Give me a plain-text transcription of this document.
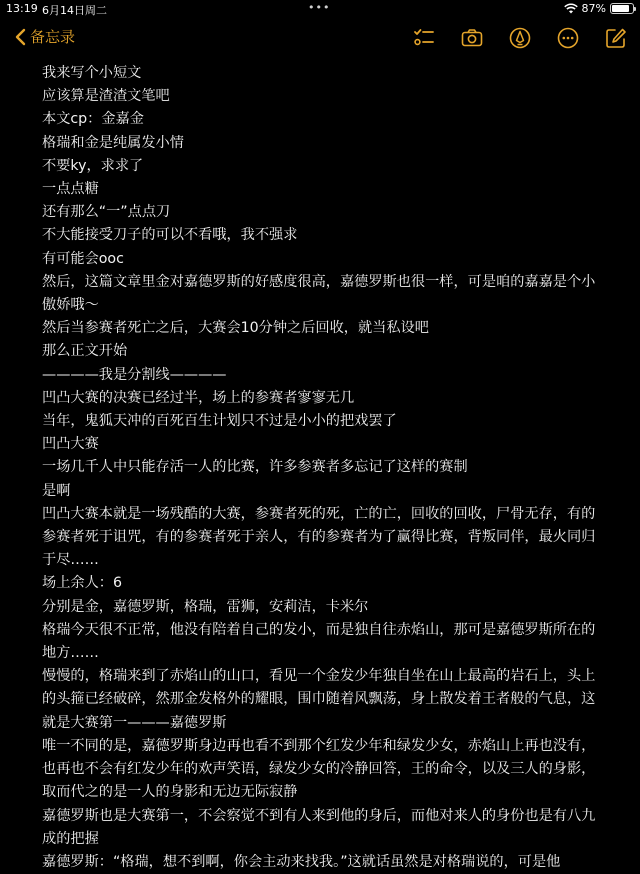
13:19 6月14日周二	•••	87%
备忘录
我来写个小短文
应该算是渣渣文笔吧
本文cp：金嘉金
格瑞和金是纯属发小情
不要ky，求求了
一点点糖
还有那么“一”点点刀
不大能接受刀子的可以不看哦，我不强求
有可能会ooc
然后，这篇文章里金对嘉德罗斯的好感度很高，嘉德罗斯也很一样，可是咱的嘉嘉是个小傲娇哦～
然后当参赛者死亡之后，大赛会10分钟之后回收，就当私设吧
那么正文开始
————我是分割线————
凹凸大赛的决赛已经过半，场上的参赛者寥寥无几
当年，鬼狐天冲的百死百生计划只不过是小小的把戏罢了
凹凸大赛
一场几千人中只能存活一人的比赛，许多参赛者多忘记了这样的赛制
是啊
凹凸大赛本就是一场残酷的大赛，参赛者死的死，亡的亡，回收的回收，尸骨无存，有的参赛者死于诅咒，有的参赛者死于亲人，有的参赛者为了赢得比赛，背叛同伴，最火同归于尽……
场上余人：6
分别是金，嘉德罗斯，格瑞，雷狮，安莉洁，卡米尔
格瑞今天很不正常，他没有陪着自己的发小，而是独自往赤焰山，那可是嘉德罗斯所在的地方……
慢慢的，格瑞来到了赤焰山的山口，看见一个金发少年独自坐在山上最高的岩石上，头上的头箍已经破碎，然那金发格外的耀眼，围巾随着风飘荡，身上散发着王者般的气息，这就是大赛第一———嘉德罗斯
唯一不同的是，嘉德罗斯身边再也看不到那个红发少年和绿发少女，赤焰山上再也没有，也再也不会有红发少年的欢声笑语，绿发少女的冷静回答，王的命令，以及三人的身影，取而代之的是一人的身影和无边无际寂静
嘉德罗斯也是大赛第一，不会察觉不到有人来到他的身后，而他对来人的身份也是有八九成的把握
嘉德罗斯：“格瑞，想不到啊，你会主动来找我。”这就话虽然是对格瑞说的，可是他
